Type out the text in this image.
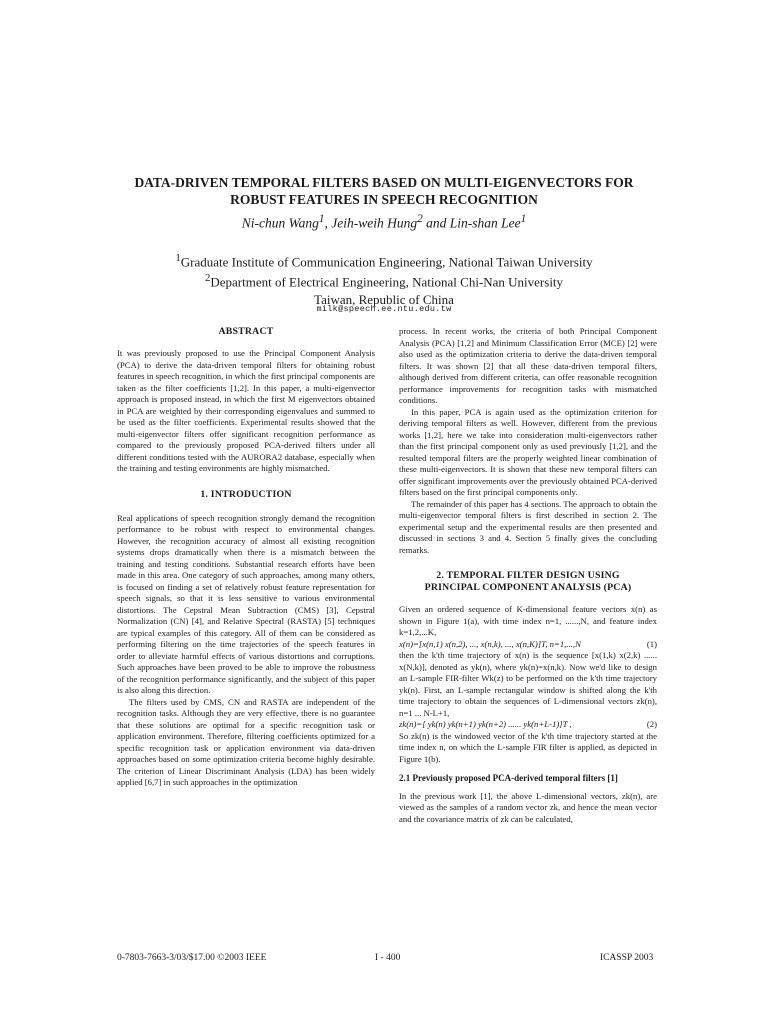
DATA-DRIVEN TEMPORAL FILTERS BASED ON MULTI-EIGENVECTORS FOR
ROBUST FEATURES IN SPEECH RECOGNITION
Ni-chun Wang$^1$, Jeih-weih Hung$^2$ and Lin-shan Lee$^1$
$^1$Graduate Institute of Communication Engineering, National Taiwan University
$^2$Department of Electrical Engineering, National Chi-Nan University
Taiwan, Republic of China
milk@speech.ee.ntu.edu.tw
ABSTRACT

It was previously proposed to use the Principal Component Analysis (PCA) to derive the data-driven temporal filters for obtaining robust features in speech recognition, in which the first principal components are taken as the filter coefficients [1,2]. In this paper, a multi-eigenvector approach is proposed instead, in which the first M eigenvectors obtained in PCA are weighted by their corresponding eigenvalues and summed to be used as the filter coefficients. Experimental results showed that the multi-eigenvector filters offer significant recognition performance as compared to the previously proposed PCA-derived filters under all different conditions tested with the AURORA2 database, especially when the training and testing environments are highly mismatched.

1. INTRODUCTION

Real applications of speech recognition strongly demand the recognition performance to be robust with respect to environmental changes. However, the recognition accuracy of almost all existing recognition systems drops dramatically when there is a mismatch between the training and testing conditions. Substantial research efforts have been made in this area. One category of such approaches, among many others, is focused on finding a set of relatively robust feature representation for speech signals, so that it is less sensitive to various environmental distortions. The Cepstral Mean Subtraction (CMS) [3], Cepstral Normalization (CN) [4], and Relative Spectral (RASTA) [5] techniques are typical examples of this category. All of them can be considered as performing filtering on the time trajectories of the speech features in order to alleviate harmful effects of various distortions and corruptions. Such approaches have been proved to be able to improve the robustness of the recognition performance significantly, and the subject of this paper is also along this direction.

The filters used by CMS, CN and RASTA are independent of the recognition tasks. Although they are very effective, there is no guarantee that these solutions are optimal for a specific recognition task or application environment. Therefore, filtering coefficients optimized for a specific recognition task or application environment via data-driven approaches based on some optimization criteria become highly desirable. The criterion of Linear Discriminant Analysis (LDA) has been widely applied [6,7] in such approaches in the optimization

process. In recent works, the criteria of both Principal Component Analysis (PCA) [1,2] and Minimum Classification Error (MCE) [2] were also used as the optimization criteria to derive the data-driven temporal filters. It was shown [2] that all these data-driven temporal filters, although derived from different criteria, can offer reasonable recognition performance improvements for recognition tasks with mismatched conditions.

In this paper, PCA is again used as the optimization criterion for deriving temporal filters as well. However, different from the previous works [1,2], here we take into consideration multi-eigenvectors rather than the first principal component only as used previously [1,2], and the resulted temporal filters are the properly weighted linear combination of these multi-eigenvectors. It is shown that these new temporal filters can offer significant improvements over the previously obtained PCA-derived filters based on the first principal components only.

The remainder of this paper has 4 sections. The approach to obtain the multi-eigenvector temporal filters is first described in section 2. The experimental setup and the experimental results are then presented and discussed in sections 3 and 4. Section 5 finally gives the concluding remarks.

2. TEMPORAL FILTER DESIGN USING
PRINCIPAL COMPONENT ANALYSIS (PCA)

Given an ordered sequence of K-dimensional feature vectors x(n) as shown in Figure 1(a), with time index n=1, ......,N, and feature index k=1,2,...K,

x(n)=[x(n,1) x(n,2), ..., x(n,k), ..., x(n,K)]T, n=1,...,N	(1)

then the k'th time trajectory of x(n) is the sequence [x(1,k) x(2,k) ...... x(N,k)], denoted as yk(n), where yk(n)=x(n,k). Now we'd like to design an L-sample FIR-filter Wk(z) to be performed on the k'th time trajectory yk(n). First, an L-sample rectangular window is shifted along the k'th time trajectory to obtain the sequences of L-dimensional vectors zk(n), n=1 ... N-L+1,

zk(n)=[ yk(n) yk(n+1) yk(n+2) ...... yk(n+L-1)]T ,	(2)

So zk(n) is the windowed vector of the k'th time trajectory started at the time index n, on which the L-sample FIR filter is applied, as depicted in Figure 1(b).

2.1 Previously proposed PCA-derived temporal filters [1]

In the previous work [1], the above L-dimensional vectors, zk(n), are viewed as the samples of a random vector zk, and hence the mean vector and the covariance matrix of zk can be calculated,

0-7803-7663-3/03/$17.00 ©2003 IEEE	I - 400	ICASSP 2003
